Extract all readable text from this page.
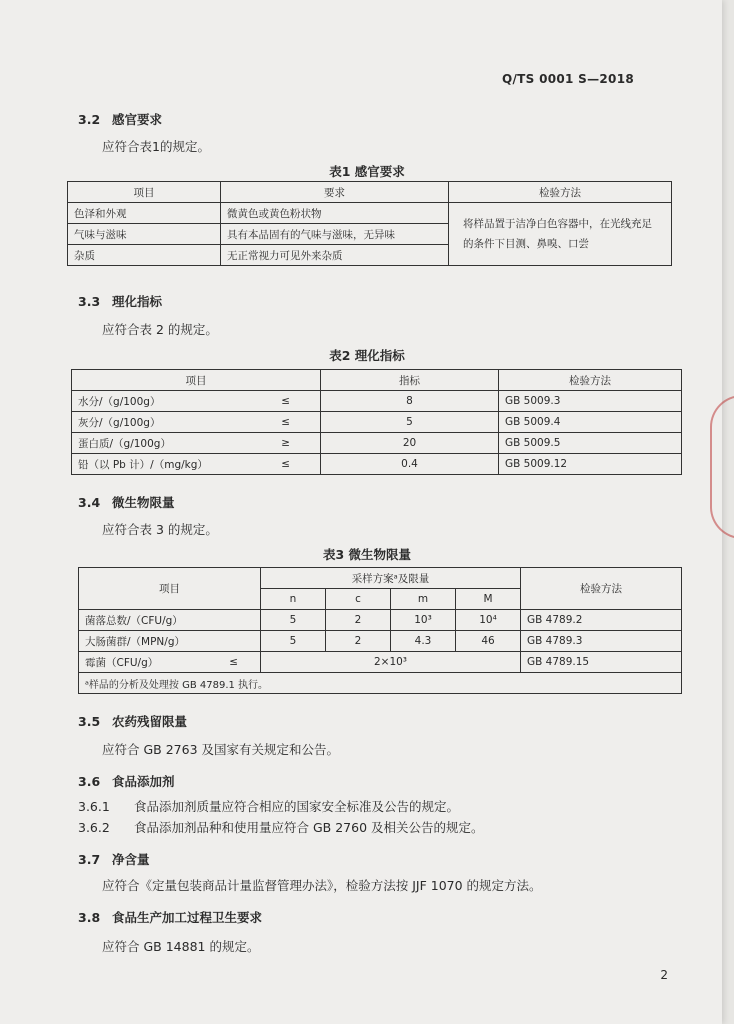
Q/TS 0001 S—2018
3.2 感官要求
应符合表1的规定。
表1 感官要求
项目	要求	检验方法
色泽和外观	微黄色或黄色粉状物	将样品置于洁净白色容器中，在光线充足的条件下目测、鼻嗅、口尝
气味与滋味	具有本品固有的气味与滋味，无异味	
杂质	无正常视力可见外来杂质	
3.3 理化指标
应符合表 2 的规定。
表2 理化指标
项目		指标	检验方法
水分/（g/100g）	≤	8	GB 5009.3
灰分/（g/100g）	≤	5	GB 5009.4
蛋白质/（g/100g）	≥	20	GB 5009.5
铅（以 Pb 计）/（mg/kg）	≤	0.4	GB 5009.12
3.4 微生物限量
应符合表 3 的规定。
表3 微生物限量
项目		采样方案ᵃ及限量				检验方法
		n	c	m	M	
菌落总数/（CFU/g）		5	2	10³	10⁴	GB 4789.2
大肠菌群/（MPN/g）		5	2	4.3	46	GB 4789.3
霉菌（CFU/g）	≤	2×10³				GB 4789.15
ᵃ样品的分析及处理按 GB 4789.1 执行。						
3.5 农药残留限量
应符合 GB 2763 及国家有关规定和公告。
3.6 食品添加剂
3.6.1 食品添加剂质量应符合相应的国家安全标准及公告的规定。
3.6.2 食品添加剂品种和使用量应符合 GB 2760 及相关公告的规定。
3.7 净含量
应符合《定量包装商品计量监督管理办法》，检验方法按 JJF 1070 的规定方法。
3.8 食品生产加工过程卫生要求
应符合 GB 14881 的规定。
2
